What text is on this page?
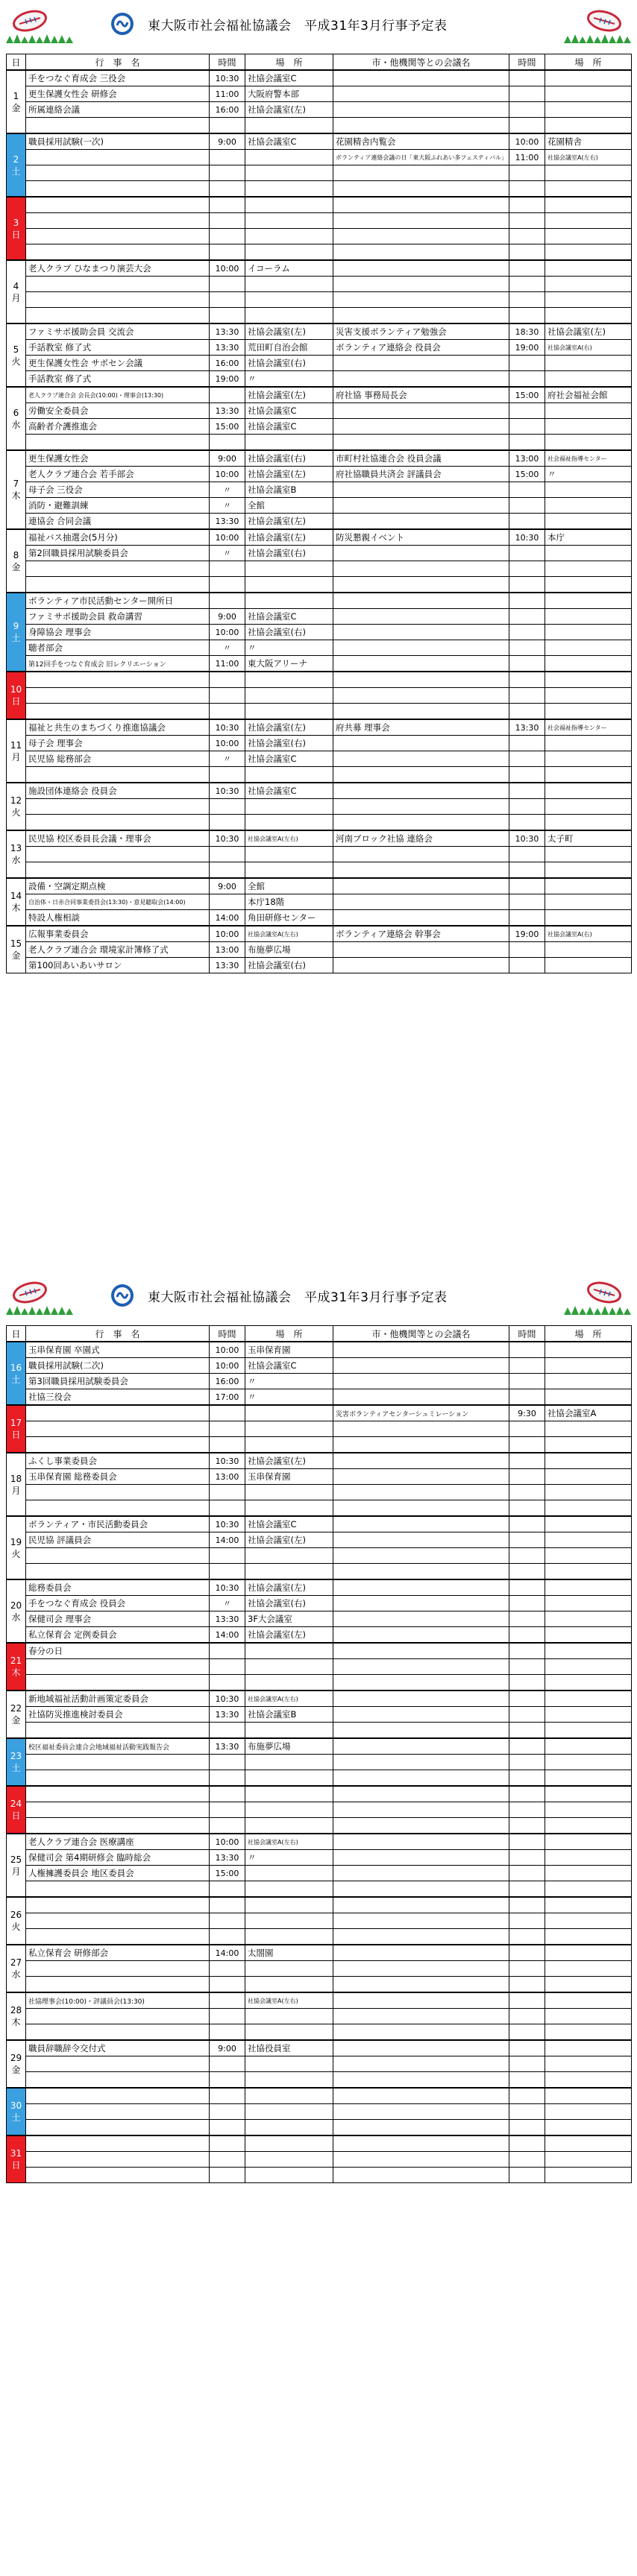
東大阪市社会福祉協議会　平成31年3月行事予定表
日	行　事　名	時間	場　所	市・他機関等との会議名	時間	場　所

1
金	手をつなぐ育成会 三役会	10:30	社協会議室C			
	更生保護女性会 研修会	11:00	大阪府警本部			
	所属連絡会議	16:00	社協会議室(左)			

2
土	職員採用試験(一次)	9:00	社協会議室C	花園精舎内覧会	10:00	花園精舎
				ボランティア連絡会議の日「東大阪ふれあい多フェスティバル」	11:00	社協会議室A(左右)

3
日						

4
月	老人クラブ ひなまつり演芸大会	10:00	イコーラム			

5
火	ファミサポ援助会員 交流会	13:30	社協会議室(左)	災害支援ボランティア勉強会	18:30	社協会議室(左)
	手話教室 修了式	13:30	荒田町自治会館	ボランティア連絡会 役員会	19:00	社協会議室A(右)
	更生保護女性会 サポセン会議	16:00	社協会議室(右)			
	手話教室 修了式	19:00	〃			

6
水	老人クラブ連合会 会長会(10:00)・理事会(13:30)		社協会議室(左)	府社協 事務局長会	15:00	府社会福祉会館
	労働安全委員会	13:30	社協会議室C			
	高齢者介護推進会	15:00	社協会議室C			

7
木	更生保護女性会	9:00	社協会議室(右)	市町村社協連合会 役員会議	13:00	社会福祉指導センター
	老人クラブ連合会 若手部会	10:00	社協会議室(左)	府社協職員共済会 評議員会	15:00	〃
	母子会 三役会	〃	社協会議室B			
	消防・避難訓練	〃	全館			
	連協会 合同会議	13:30	社協会議室(左)			

8
金	福祉バス抽選会(5月分)	10:00	社協会議室(左)	防災懇親イベント	10:30	本庁
	第2回職員採用試験委員会	〃	社協会議室(右)			

9
土	ボランティア市民活動センター開所日					
	ファミサポ援助会員 救命講習	9:00	社協会議室C			
	身障協会 理事会	10:00	社協会議室(右)			
	聴者部会	〃	〃			
	第12回手をつなぐ育成会 旧レクリエーション	11:00	東大阪アリーナ			

10
日						

11
月	福祉と共生のまちづくり推進協議会	10:30	社協会議室(左)	府共募 理事会	13:30	社会福祉指導センター
	母子会 理事会	10:00	社協会議室(右)			
	民児協 総務部会	〃	社協会議室C			

12
火	施設団体連絡会 役員会	10:30	社協会議室C			

13
水	民児協 校区委員長会議・理事会	10:30	社協会議室A(左右)	河南ブロック社協 連絡会	10:30	太子町

14
木	設備・空調定期点検	9:00	全館			
	自治体・日赤合同事業委員会(13:30)・意見聴取会(14:00)		本庁18階			
	特設人権相談	14:00	角田研修センター			

15
金	広報事業委員会	10:00	社協会議室A(左右)	ボランティア連絡会 幹事会	19:00	社協会議室A(右)
	老人クラブ連合会 環境家計簿修了式	13:00	布施夢広場			
	第100回あいあいサロン	13:30	社協会議室(右)			
東大阪市社会福祉協議会　平成31年3月行事予定表
日	行　事　名	時間	場　所	市・他機関等との会議名	時間	場　所

16
土	玉串保育園 卒園式	10:00	玉串保育園			
	職員採用試験(二次)	10:00	社協会議室C			
	第3回職員採用試験委員会	16:00	〃			
	社協三役会	17:00	〃			

17
日				災害ボランティアセンターシュミレーション	9:30	社協会議室A

18
月	ふくし事業委員会	10:30	社協会議室(左)			
	玉串保育園 総務委員会	13:00	玉串保育園			

19
火	ボランティア・市民活動委員会	10:30	社協会議室C			
	民児協 評議員会	14:00	社協会議室(左)			

20
水	総務委員会	10:30	社協会議室(左)			
	手をつなぐ育成会 役員会	〃	社協会議室(右)			
	保健司会 理事会	13:30	3F大会議室			
	私立保育会 定例委員会	14:00	社協会議室(左)			

21
木	春分の日					

22
金	新地域福祉活動計画策定委員会	10:30	社協会議室A(左右)			
	社協防災推進検討委員会	13:30	社協会議室B			

23
土	校区福祉委員会連合会地域福祉活動実践報告会	13:30	布施夢広場			

24
日						

25
月	老人クラブ連合会 医療講座	10:00	社協会議室A(左右)			
	保健司会 第4期研修会 臨時総会	13:30	〃			
	人権擁護委員会 地区委員会	15:00				

26
火						

27
水	私立保育会 研修部会	14:00	太閤園			

28
木	社協理事会(10:00)・評議員会(13:30)		社協会議室A(左右)			

29
金	職員辞職辞令交付式	9:00	社協役員室			

30
土						

31
日						
